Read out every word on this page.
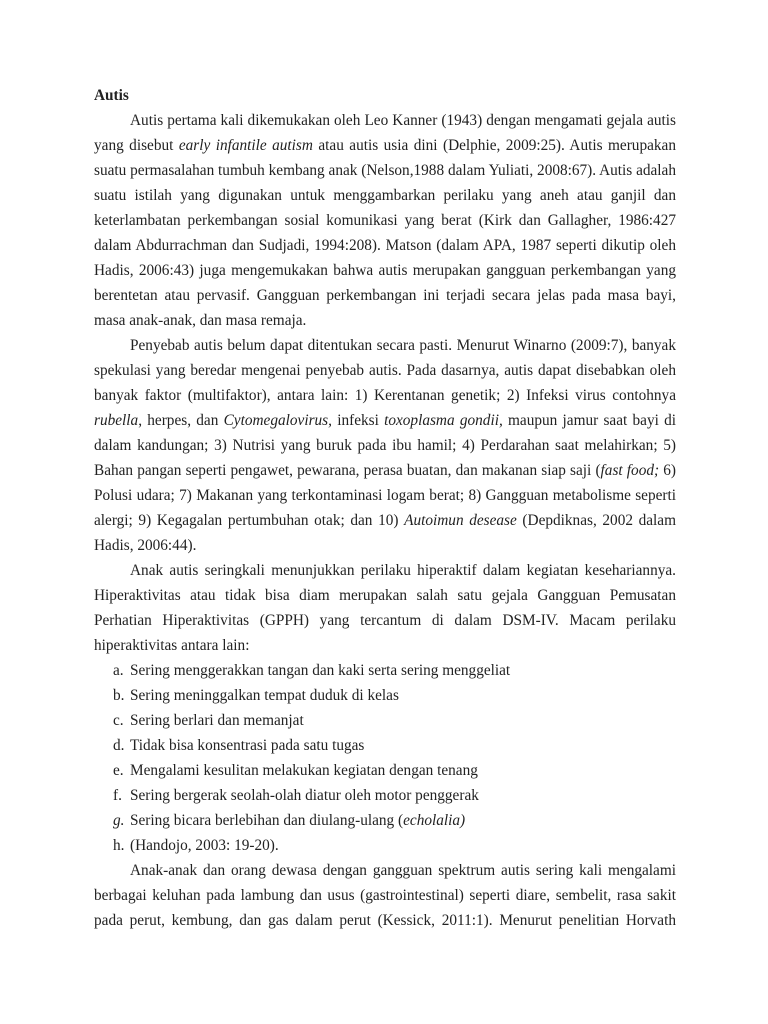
Autis

Autis pertama kali dikemukakan oleh Leo Kanner (1943) dengan mengamati gejala autis yang disebut early infantile autism atau autis usia dini (Delphie, 2009:25). Autis merupakan suatu permasalahan tumbuh kembang anak (Nelson,1988 dalam Yuliati, 2008:67). Autis adalah suatu istilah yang digunakan untuk menggambarkan perilaku yang aneh atau ganjil dan keterlambatan perkembangan sosial komunikasi yang berat (Kirk dan Gallagher, 1986:427 dalam Abdurrachman dan Sudjadi, 1994:208). Matson (dalam APA, 1987 seperti dikutip oleh Hadis, 2006:43) juga mengemukakan bahwa autis merupakan gangguan perkembangan yang berentetan atau pervasif. Gangguan perkembangan ini terjadi secara jelas pada masa bayi, masa anak-anak, dan masa remaja.

Penyebab autis belum dapat ditentukan secara pasti. Menurut Winarno (2009:7), banyak spekulasi yang beredar mengenai penyebab autis. Pada dasarnya, autis dapat disebabkan oleh banyak faktor (multifaktor), antara lain: 1) Kerentanan genetik; 2) Infeksi virus contohnya rubella, herpes, dan Cytomegalovirus, infeksi toxoplasma gondii, maupun jamur saat bayi di dalam kandungan; 3) Nutrisi yang buruk pada ibu hamil; 4) Perdarahan saat melahirkan; 5) Bahan pangan seperti pengawet, pewarana, perasa buatan, dan makanan siap saji (fast food; 6) Polusi udara; 7) Makanan yang terkontaminasi logam berat; 8) Gangguan metabolisme seperti alergi; 9) Kegagalan pertumbuhan otak; dan 10) Autoimun desease (Depdiknas, 2002 dalam Hadis, 2006:44).

Anak autis seringkali menunjukkan perilaku hiperaktif dalam kegiatan kesehariannya. Hiperaktivitas atau tidak bisa diam merupakan salah satu gejala Gangguan Pemusatan Perhatian Hiperaktivitas (GPPH) yang tercantum di dalam DSM-IV. Macam perilaku hiperaktivitas antara lain:

a. Sering menggerakkan tangan dan kaki serta sering menggeliat
b. Sering meninggalkan tempat duduk di kelas
c. Sering berlari dan memanjat
d. Tidak bisa konsentrasi pada satu tugas
e. Mengalami kesulitan melakukan kegiatan dengan tenang
f. Sering bergerak seolah-olah diatur oleh motor penggerak
g. Sering bicara berlebihan dan diulang-ulang (echolalia)
h. (Handojo, 2003: 19-20).

Anak-anak dan orang dewasa dengan gangguan spektrum autis sering kali mengalami berbagai keluhan pada lambung dan usus (gastrointestinal) seperti diare, sembelit, rasa sakit pada perut, kembung, dan gas dalam perut (Kessick, 2011:1). Menurut penelitian Horvath
